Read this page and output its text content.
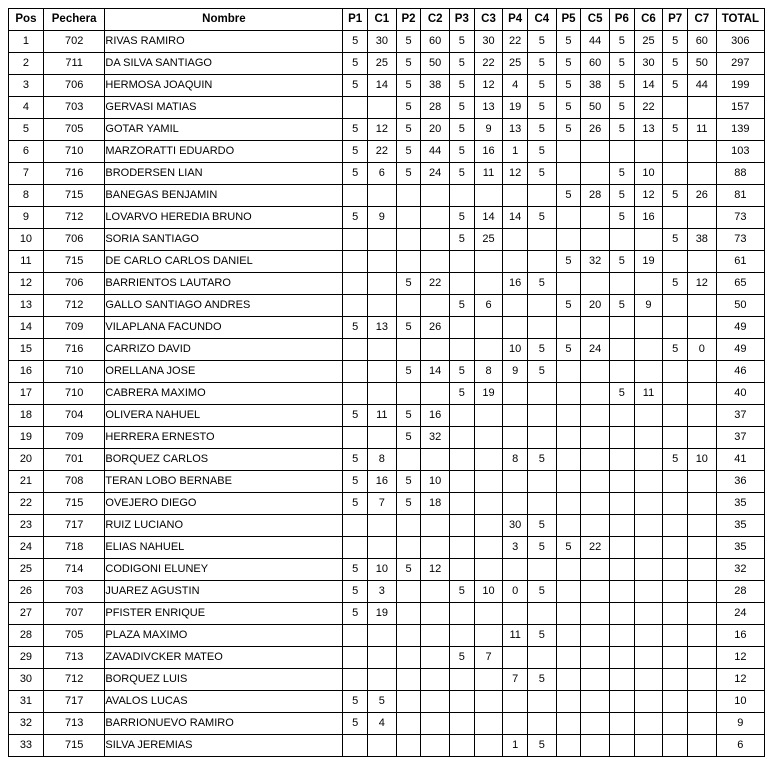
Pos	Pechera	Nombre	P1	C1	P2	C2	P3	C3	P4	C4	P5	C5	P6	C6	P7	C7	TOTAL
1	702	RIVAS RAMIRO	5	30	5	60	5	30	22	5	5	44	5	25	5	60	306
2	711	DA SILVA SANTIAGO	5	25	5	50	5	22	25	5	5	60	5	30	5	50	297
3	706	HERMOSA JOAQUIN	5	14	5	38	5	12	4	5	5	38	5	14	5	44	199
4	703	GERVASI MATIAS			5	28	5	13	19	5	5	50	5	22			157
5	705	GOTAR YAMIL	5	12	5	20	5	9	13	5	5	26	5	13	5	11	139
6	710	MARZORATTI EDUARDO	5	22	5	44	5	16	1	5							103
7	716	BRODERSEN LIAN	5	6	5	24	5	11	12	5			5	10			88
8	715	BANEGAS BENJAMIN									5	28	5	12	5	26	81
9	712	LOVARVO HEREDIA BRUNO	5	9			5	14	14	5			5	16			73
10	706	SORIA SANTIAGO					5	25							5	38	73
11	715	DE CARLO CARLOS DANIEL									5	32	5	19			61
12	706	BARRIENTOS LAUTARO			5	22			16	5					5	12	65
13	712	GALLO SANTIAGO ANDRES					5	6			5	20	5	9			50
14	709	VILAPLANA FACUNDO	5	13	5	26											49
15	716	CARRIZO DAVID							10	5	5	24			5	0	49
16	710	ORELLANA JOSE			5	14	5	8	9	5							46
17	710	CABRERA MAXIMO					5	19					5	11			40
18	704	OLIVERA NAHUEL	5	11	5	16											37
19	709	HERRERA ERNESTO			5	32											37
20	701	BORQUEZ CARLOS	5	8					8	5					5	10	41
21	708	TERAN LOBO BERNABE	5	16	5	10											36
22	715	OVEJERO DIEGO	5	7	5	18											35
23	717	RUIZ LUCIANO							30	5							35
24	718	ELIAS NAHUEL							3	5	5	22					35
25	714	CODIGONI ELUNEY	5	10	5	12											32
26	703	JUAREZ AGUSTIN	5	3			5	10	0	5							28
27	707	PFISTER ENRIQUE	5	19													24
28	705	PLAZA MAXIMO							11	5							16
29	713	ZAVADIVCKER MATEO					5	7									12
30	712	BORQUEZ LUIS							7	5							12
31	717	AVALOS LUCAS	5	5													10
32	713	BARRIONUEVO RAMIRO	5	4													9
33	715	SILVA JEREMIAS							1	5							6
